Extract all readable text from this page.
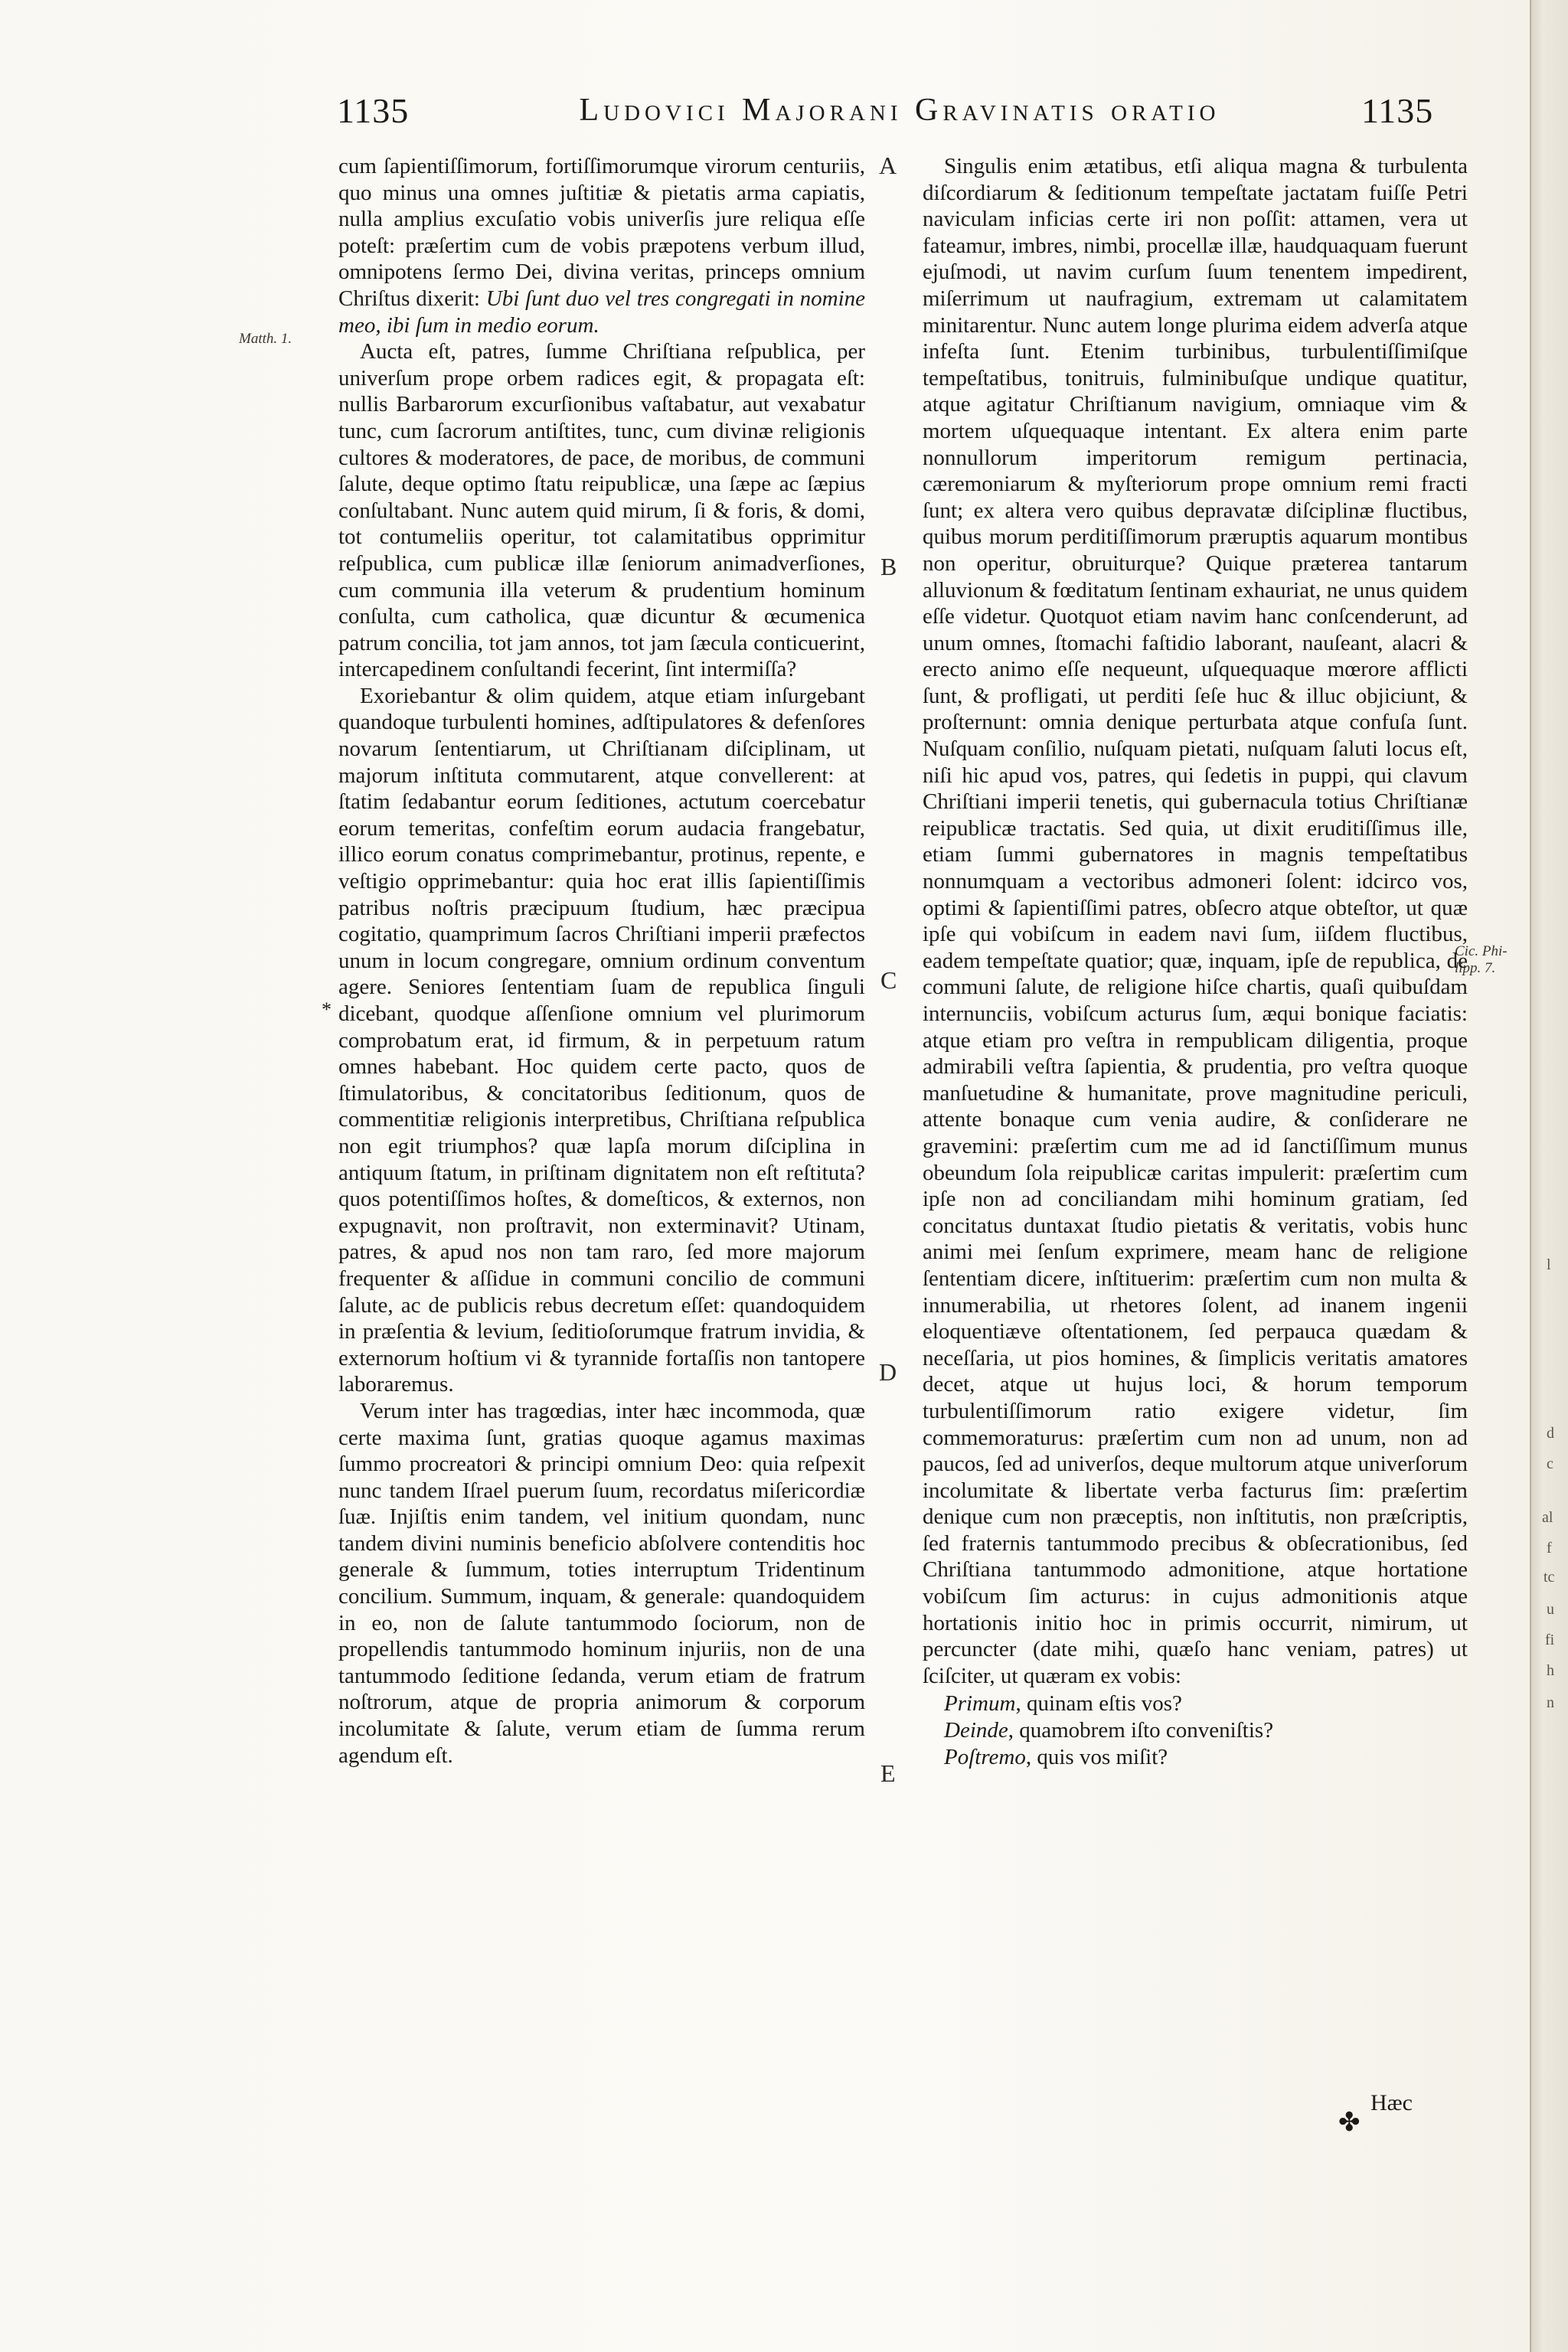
1135	Ludovici Majorani Gravinatis oratio	1135
Matth. 1.
Cic. Phi- lipp. 7.
A
B
C
D
E
*

cum ſapientiſſimorum, fortiſſimorumque virorum centuriis, quo minus una omnes juſtitiæ & pietatis arma capiatis, nulla amplius excuſatio vobis univerſis jure reliqua eſſe poteſt: præſertim cum de vobis præpotens verbum illud, omnipotens ſermo Dei, divina veritas, princeps omnium Chriſtus dixerit: Ubi ſunt duo vel tres congregati in nomine meo, ibi ſum in medio eorum.

Aucta eſt, patres, ſumme Chriſtiana reſpublica, per univerſum prope orbem radices egit, & propagata eſt: nullis Barbarorum excurſionibus vaſtabatur, aut vexabatur tunc, cum ſacrorum antiſtites, tunc, cum divinæ religionis cultores & moderatores, de pace, de moribus, de communi ſalute, deque optimo ſtatu reipublicæ, una ſæpe ac ſæpius conſultabant. Nunc autem quid mirum, ſi & foris, & domi, tot contumeliis operitur, tot calamitatibus opprimitur reſpublica, cum publicæ illæ ſeniorum animadverſiones, cum communia illa veterum & prudentium hominum conſulta, cum catholica, quæ dicuntur & œcumenica patrum concilia, tot jam annos, tot jam ſæcula conticuerint, intercapedinem conſultandi fecerint, ſint intermiſſa?

Exoriebantur & olim quidem, atque etiam inſurgebant quandoque turbulenti homines, adſtipulatores & defenſores novarum ſententiarum, ut Chriſtianam diſciplinam, ut majorum inſtituta commutarent, atque convellerent: at ſtatim ſedabantur eorum ſeditiones, actutum coercebatur eorum temeritas, confeſtim eorum audacia frangebatur, illico eorum conatus comprimebantur, protinus, repente, e veſtigio opprimebantur: quia hoc erat illis ſapientiſſimis patribus noſtris præcipuum ſtudium, hæc præcipua cogitatio, quamprimum ſacros Chriſtiani imperii præfectos unum in locum congregare, omnium ordinum conventum agere. Seniores ſententiam ſuam de republica ſinguli dicebant, quodque aſſenſione omnium vel plurimorum comprobatum erat, id firmum, & in perpetuum ratum omnes habebant. Hoc quidem certe pacto, quos de ſtimulatoribus, & concitatoribus ſeditionum, quos de commentitiæ religionis interpretibus, Chriſtiana reſpublica non egit triumphos? quæ lapſa morum diſciplina in antiquum ſtatum, in priſtinam dignitatem non eſt reſtituta? quos potentiſſimos hoſtes, & domeſticos, & externos, non expugnavit, non proſtravit, non exterminavit? Utinam, patres, & apud nos non tam raro, ſed more majorum frequenter & aſſidue in communi concilio de communi ſalute, ac de publicis rebus decretum eſſet: quandoquidem in præſentia & levium, ſeditioſorumque fratrum invidia, & externorum hoſtium vi & tyrannide fortaſſis non tantopere laboraremus.

Verum inter has tragœdias, inter hæc incommoda, quæ certe maxima ſunt, gratias quoque agamus maximas ſummo procreatori & principi omnium Deo: quia reſpexit nunc tandem Iſrael puerum ſuum, recordatus miſericordiæ ſuæ. Injiſtis enim tandem, vel initium quondam, nunc tandem divini numinis beneficio abſolvere contenditis hoc generale & ſummum, toties interruptum Tridentinum concilium. Summum, inquam, & generale: quandoquidem in eo, non de ſalute tantummodo ſociorum, non de propellendis tantummodo hominum injuriis, non de una tantummodo ſeditione ſedanda, verum etiam de fratrum noſtrorum, atque de propria animorum & corporum incolumitate & ſalute, verum etiam de ſumma rerum agendum eſt.

Singulis enim ætatibus, etſi aliqua magna & turbulenta diſcordiarum & ſeditionum tempeſtate jactatam fuiſſe Petri naviculam inficias certe iri non poſſit: attamen, vera ut fateamur, imbres, nimbi, procellæ illæ, haudquaquam fuerunt ejuſmodi, ut navim curſum ſuum tenentem impedirent, miſerrimum ut naufragium, extremam ut calamitatem minitarentur. Nunc autem longe plurima eidem adverſa atque infeſta ſunt. Etenim turbinibus, turbulentiſſimiſque tempeſtatibus, tonitruis, fulminibuſque undique quatitur, atque agitatur Chriſtianum navigium, omniaque vim & mortem uſquequaque intentant. Ex altera enim parte nonnullorum imperitorum remigum pertinacia, cæremoniarum & myſteriorum prope omnium remi fracti ſunt; ex altera vero quibus depravatæ diſciplinæ fluctibus, quibus morum perditiſſimorum præruptis aquarum montibus non operitur, obruiturque? Quique præterea tantarum alluvionum & fœditatum ſentinam exhauriat, ne unus quidem eſſe videtur. Quotquot etiam navim hanc conſcenderunt, ad unum omnes, ſtomachi faſtidio laborant, nauſeant, alacri & erecto animo eſſe nequeunt, uſquequaque mœrore afflicti ſunt, & profligati, ut perditi ſeſe huc & illuc objiciunt, & proſternunt: omnia denique perturbata atque confuſa ſunt. Nuſquam conſilio, nuſquam pietati, nuſquam ſaluti locus eſt, niſi hic apud vos, patres, qui ſedetis in puppi, qui clavum Chriſtiani imperii tenetis, qui gubernacula totius Chriſtianæ reipublicæ tractatis. Sed quia, ut dixit eruditiſſimus ille, etiam ſummi gubernatores in magnis tempeſtatibus nonnumquam a vectoribus admoneri ſolent: idcirco vos, optimi & ſapientiſſimi patres, obſecro atque obteſtor, ut quæ ipſe qui vobiſcum in eadem navi ſum, iiſdem fluctibus, eadem tempeſtate quatior; quæ, inquam, ipſe de republica, de communi ſalute, de religione hiſce chartis, quaſi quibuſdam internunciis, vobiſcum acturus ſum, æqui bonique faciatis: atque etiam pro veſtra in rempublicam diligentia, proque admirabili veſtra ſapientia, & prudentia, pro veſtra quoque manſuetudine & humanitate, prove magnitudine periculi, attente bonaque cum venia audire, & conſiderare ne gravemini: præſertim cum me ad id ſanctiſſimum munus obeundum ſola reipublicæ caritas impulerit: præſertim cum ipſe non ad conciliandam mihi hominum gratiam, ſed concitatus duntaxat ſtudio pietatis & veritatis, vobis hunc animi mei ſenſum exprimere, meam hanc de religione ſententiam dicere, inſtituerim: præſertim cum non multa & innumerabilia, ut rhetores ſolent, ad inanem ingenii eloquentiæve oſtentationem, ſed perpauca quædam & neceſſaria, ut pios homines, & ſimplicis veritatis amatores decet, atque ut hujus loci, & horum temporum turbulentiſſimorum ratio exigere videtur, ſim commemoraturus: præſertim cum non ad unum, non ad paucos, ſed ad univerſos, deque multorum atque univerſorum incolumitate & libertate verba facturus ſim: præſertim denique cum non præceptis, non inſtitutis, non præſcriptis, ſed fraternis tantummodo precibus & obſecrationibus, ſed Chriſtiana tantummodo admonitione, atque hortatione vobiſcum ſim acturus: in cujus admonitionis atque hortationis initio hoc in primis occurrit, nimirum, ut percuncter (date mihi, quæſo hanc veniam, patres) ut ſciſciter, ut quæram ex vobis:

Primum, quinam eſtis vos?
Deinde, quamobrem iſto conveniſtis?
Poſtremo, quis vos miſit?
Hæc
✤
l
d
c
al
f
tc
u
fi
h
n
